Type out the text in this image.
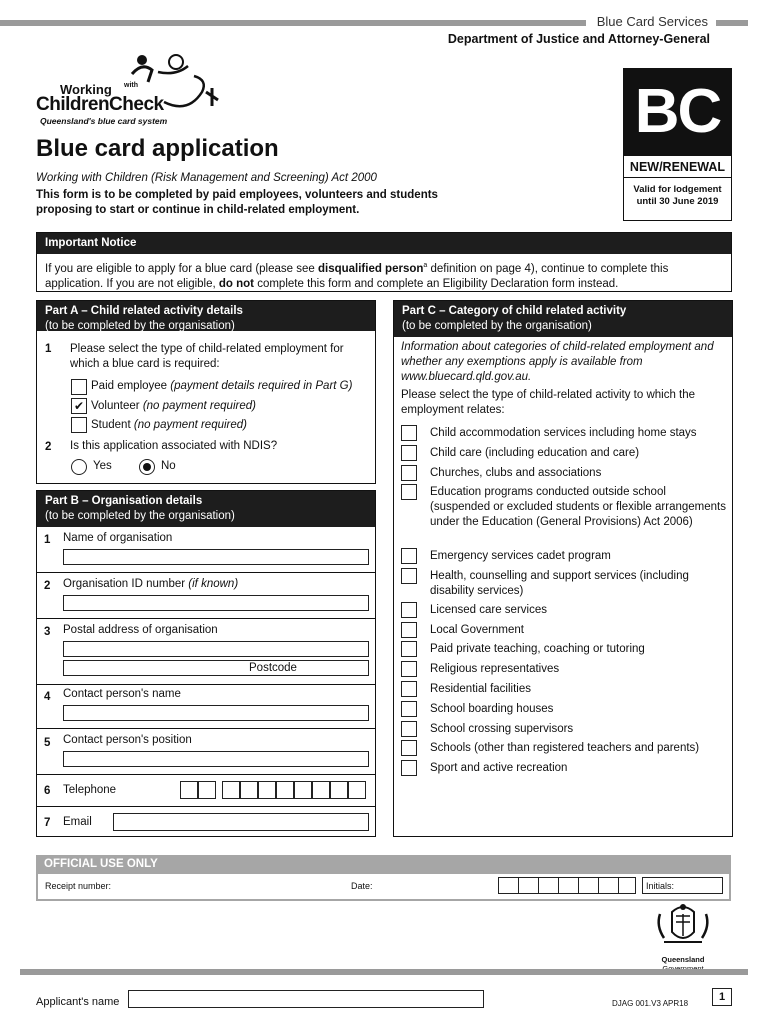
Blue Card Services
Department of Justice and Attorney-General
Working with
ChildrenCheck
Queensland's blue card system	BC
NEW/RENEWAL
Valid for lodgement
until 30 June 2019
Blue card application
Working with Children (Risk Management and Screening) Act 2000
This form is to be completed by paid employees, volunteers and students proposing to start or continue in child-related employment.
Important Notice
If you are eligible to apply for a blue card (please see disqualified person$^a$ definition on page 4), continue to complete this application. If you are not eligible, do not complete this form and complete an Eligibility Declaration form instead.
Part A – Child related activity details
(to be completed by the organisation)
1 Please select the type of child-related employment for which a blue card is required:
Paid employee (payment details required in Part G)
✔ Volunteer (no payment required)
Student (no payment required)
2 Is this application associated with NDIS?
Yes	No
Part B – Organisation details
(to be completed by the organisation)
1 Name of organisation
2 Organisation ID number (if known)
3 Postal address of organisation
Postcode
4 Contact person's name
5 Contact person's position
6 Telephone
7 Email
Part C – Category of child related activity
(to be completed by the organisation)
Information about categories of child-related employment and whether any exemptions apply is available from www.bluecard.qld.gov.au.
Please select the type of child-related activity to which the employment relates:
Child accommodation services including home stays
Child care (including education and care)
Churches, clubs and associations
Education programs conducted outside school (suspended or excluded students or flexible arrangements under the Education (General Provisions) Act 2006)
Emergency services cadet program
Health, counselling and support services (including disability services)
Licensed care services
Local Government
Paid private teaching, coaching or tutoring
Religious representatives
Residential facilities
School boarding houses
School crossing supervisors
Schools (other than registered teachers and parents)
Sport and active recreation
OFFICIAL USE ONLY
Receipt number:	Date:	Initials:
Queensland
Applicant's name	DJAG 001.V3 APR18
1
